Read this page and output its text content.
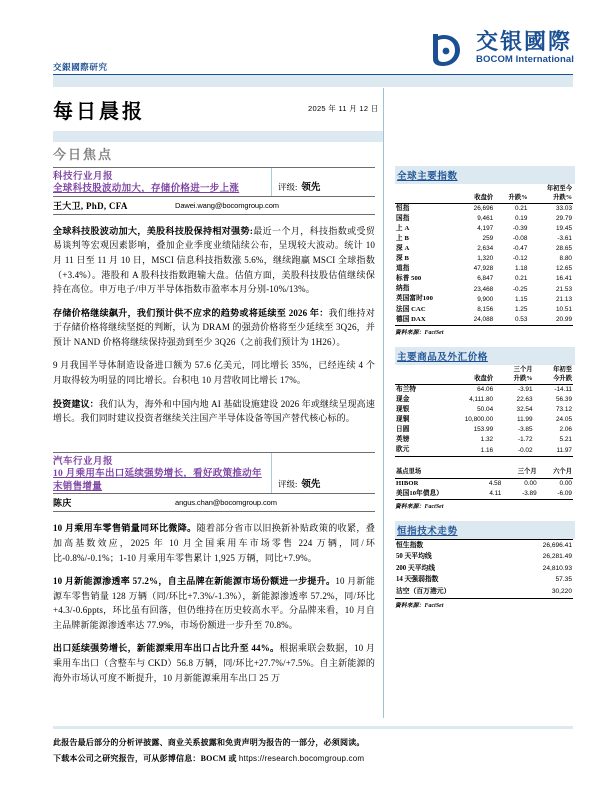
交银國際
BOCOM International
交銀國際研究
每日晨报	2025 年 11 月 12 日
今日焦点
科技行业月报
全球科技股波动加大，存储价格进一步上涨	评级: 领先
王大卫, PhD, CFA	Dawei.wang@bocomgroup.com
全球科技股波动加大，美股科技股保持相对强势:最近一个月，科技指数或受贸易谈判等宏观因素影响，叠加企业季度业绩陆续公布，呈现较大波动。统计 10 月 11 日至 11 月 10 日，MSCI 信息科技指数涨 5.6%，继续跑赢 MSCI 全球指数（+3.4%）。港股和 A 股科技指数跑输大盘。估值方面，美股科技股估值继续保持在高位。申万电子/申万半导体指数市盈率本月分别-10%/13%。
存储价格继续飙升，我们预计供不应求的趋势或将延续至 2026 年：我们维持对于存储价格将继续坚挺的判断，认为 DRAM 的强劲价格将至少延续至 3Q26，并预计 NAND 价格将继续保持强劲到至少 3Q26（之前我们预计为 1H26）。
9 月我国半导体制造设备进口额为 57.6 亿美元，同比增长 35%，已经连续 4 个月取得较为明显的同比增长。台积电 10 月营收同比增长 17%。
投资建议：我们认为，海外和中国内地 AI 基础设施建设 2026 年或继续呈现高速增长。我们同时建议投资者继续关注国产半导体设备等国产替代核心标的。
汽车行业月报
10 月乘用车出口延续强势增长，看好政策推动年末销售增量	评级: 领先
陈庆	angus.chan@bocomgroup.com
10 月乘用车零售销量同环比微降。随着部分省市以旧换新补贴政策的收紧，叠加高基数效应，2025 年 10 月全国乘用车市场零售 224 万辆，同/环比-0.8%/-0.1%；1-10 月乘用车零售累计 1,925 万辆，同比+7.9%。
10 月新能源渗透率 57.2%，自主品牌在新能源市场份额进一步提升。10 月新能源车零售销量 128 万辆（同/环比+7.3%/-1.3%），新能源渗透率 57.2%，同/环比+4.3/-0.6ppts，环比虽有回落，但仍维持在历史较高水平。分品牌来看，10 月自主品牌新能源渗透率达 77.9%，市场份额进一步升至 70.8%。
出口延续强势增长，新能源乘用车出口占比升至 44%。根据乘联会数据，10 月乘用车出口（含整车与 CKD）56.8 万辆，同/环比+27.7%/+7.5%。自主新能源的海外市场认可度不断提升，10 月新能源乘用车出口 25 万
全球主要指数
			年初至今
	收盘价	升跌%	升跌%
恒指	26,696	0.21	33.03
国指	9,461	0.19	29.79
上 A	4,197	-0.39	19.45
上 B	259	-0.08	-3.61
深 A	2,634	-0.47	28.65
深 B	1,320	-0.12	8.80
道指	47,928	1.18	12.65
标普 500	6,847	0.21	16.41
纳指	23,468	-0.25	21.53
英国富时100	9,900	1.15	21.13
法国 CAC	8,156	1.25	10.51
德国 DAX	24,088	0.53	20.99
資料來源：FactSet
主要商品及外汇价格
		三个月	年初至
	收盘价	升跌%	今升跌
布兰特	64.06	-3.91	-14.11
现金	4,111.80	22.63	56.39
现银	50.04	32.54	73.12
现铜	10,800.00	11.99	24.05
日圆	153.99	-3.85	2.06
英镑	1.32	-1.72	5.21
欧元	1.16	-0.02	11.97
基点里场		三个月	六个月
HIBOR	4.58	0.00	0.00
美国10年债息）	4.11	-3.89	-6.09
資料來源：FactSet
恒指技术走势
恒生指数	26,696.41
50 天平均线	26,281.49
200 天平均线	24,810.93
14 天强弱指数	57.35
沽空（百万港元）	30,220
資料來源：FactSet
此报告最后部分的分析评披露、商业关系披露和免责声明为报告的一部分，必须阅读。
下载本公司之研究报告，可从彭博信息：BOCM 或 https://research.bocomgroup.com
